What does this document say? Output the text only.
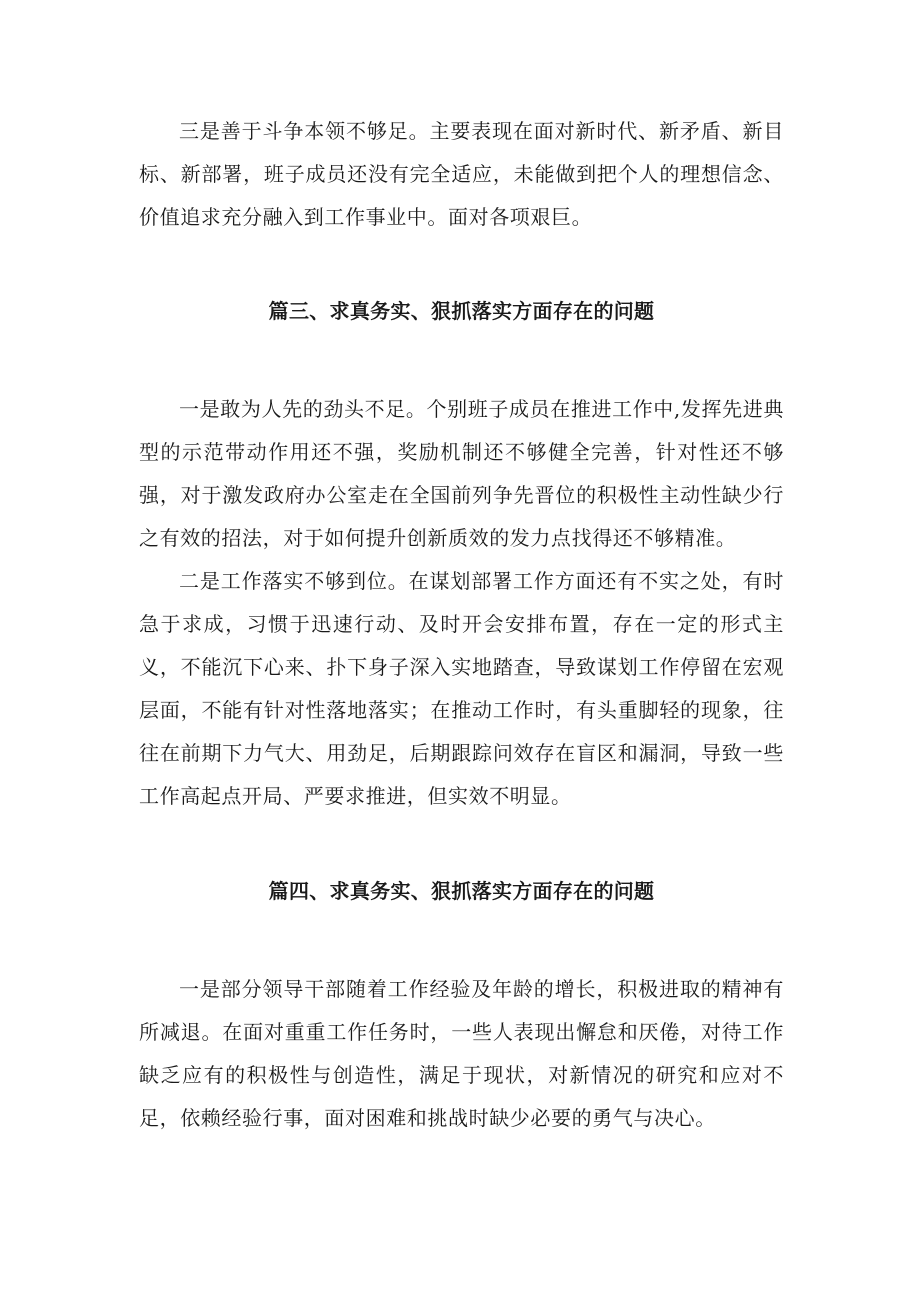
三是善于斗争本领不够足。主要表现在面对新时代、新矛盾、新目标、新部署，班子成员还没有完全适应，未能做到把个人的理想信念、价值追求充分融入到工作事业中。面对各项艰巨。

篇三、求真务实、狠抓落实方面存在的问题

一是敢为人先的劲头不足。个别班子成员在推进工作中,发挥先进典型的示范带动作用还不强，奖励机制还不够健全完善，针对性还不够强，对于激发政府办公室走在全国前列争先晋位的积极性主动性缺少行之有效的招法，对于如何提升创新质效的发力点找得还不够精准。

二是工作落实不够到位。在谋划部署工作方面还有不实之处，有时急于求成，习惯于迅速行动、及时开会安排布置，存在一定的形式主义，不能沉下心来、扑下身子深入实地踏查，导致谋划工作停留在宏观层面，不能有针对性落地落实；在推动工作时，有头重脚轻的现象，往往在前期下力气大、用劲足，后期跟踪问效存在盲区和漏洞，导致一些工作高起点开局、严要求推进，但实效不明显。

篇四、求真务实、狠抓落实方面存在的问题

一是部分领导干部随着工作经验及年龄的增长，积极进取的精神有所减退。在面对重重工作任务时，一些人表现出懈怠和厌倦，对待工作缺乏应有的积极性与创造性，满足于现状，对新情况的研究和应对不足，依赖经验行事，面对困难和挑战时缺少必要的勇气与决心。
